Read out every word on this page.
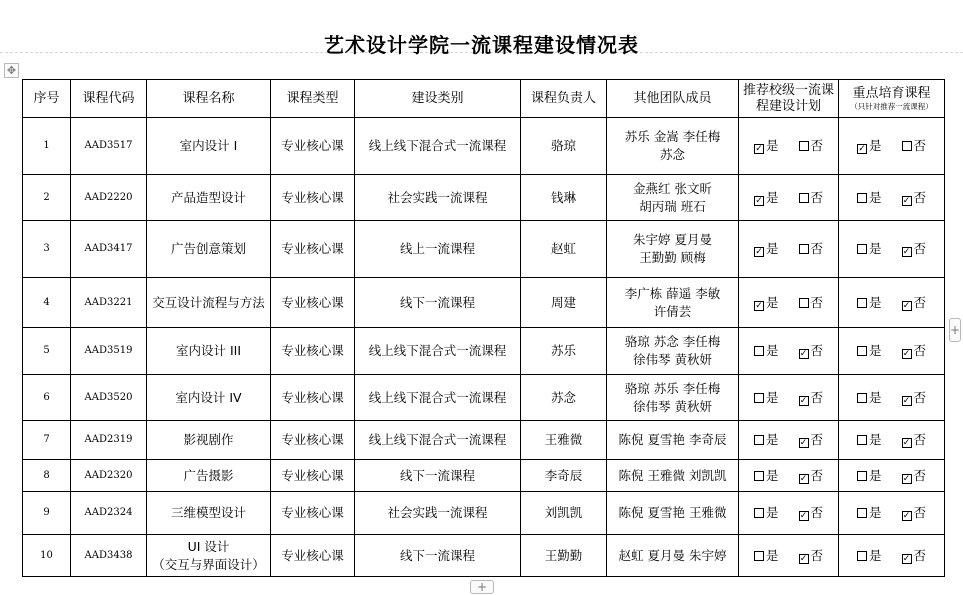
艺术设计学院一流课程建设情况表
✥
序号	课程代码	课程名称	课程类型	建设类别	课程负责人	其他团队成员	推荐校级一流课程建设计划	重点培育课程
（只针对推荐一流课程）

1	AAD3517	室内设计 I	专业核心课	线上线下混合式一流课程	骆琼	苏乐 金嵩 李任梅
苏念	✓ 是 否	✓ 是 否
2	AAD2220	产品造型设计	专业核心课	社会实践一流课程	钱琳	金燕红 张文昕
胡丙瑞 班石	✓ 是 否	是 ✓ 否
3	AAD3417	广告创意策划	专业核心课	线上一流课程	赵虹	朱宇婷 夏月曼
王勤勤 顾梅	✓ 是 否	是 ✓ 否
4	AAD3221	交互设计流程与方法	专业核心课	线下一流课程	周建	李广栋 薛遥 李敏
许倩芸	✓ 是 否	是 ✓ 否
5	AAD3519	室内设计 III	专业核心课	线上线下混合式一流课程	苏乐	骆琼 苏念 李任梅
徐伟琴 黄秋妍	是 ✓ 否	是 ✓ 否
6	AAD3520	室内设计 IV	专业核心课	线上线下混合式一流课程	苏念	骆琼 苏乐 李任梅
徐伟琴 黄秋妍	是 ✓ 否	是 ✓ 否
7	AAD2319	影视剧作	专业核心课	线上线下混合式一流课程	王雅微	陈倪 夏雪艳 李奇辰	是 ✓ 否	是 ✓ 否
8	AAD2320	广告摄影	专业核心课	线下一流课程	李奇辰	陈倪 王雅微 刘凯凯	是 ✓ 否	是 ✓ 否
9	AAD2324	三维模型设计	专业核心课	社会实践一流课程	刘凯凯	陈倪 夏雪艳 王雅微	是 ✓ 否	是 ✓ 否
10	AAD3438	UI 设计
（交互与界面设计）	专业核心课	线下一流课程	王勤勤	赵虹 夏月曼 朱宇婷	是 ✓ 否	是 ✓ 否
+
+
